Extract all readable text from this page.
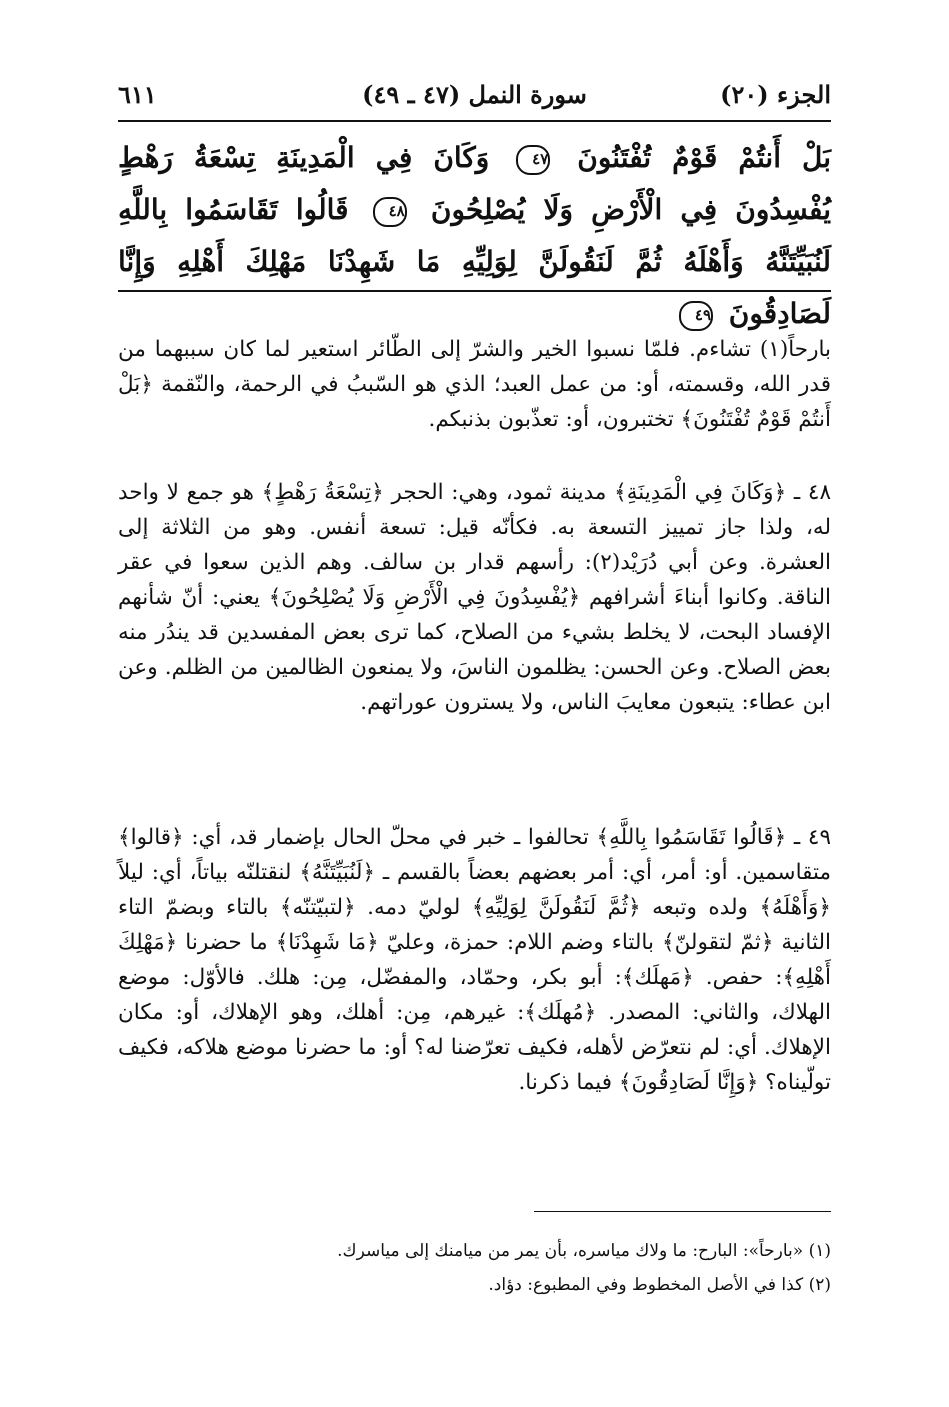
الجزء (٢٠)
سورة النمل (٤٧ ـ ٤٩)
٦١١
بَلْ أَنتُمْ قَوْمٌ تُفْتَنُونَ ٤٧ وَكَانَ فِي الْمَدِينَةِ تِسْعَةُ رَهْطٍ يُفْسِدُونَ فِي الْأَرْضِ وَلَا يُصْلِحُونَ ٤٨ قَالُوا تَقَاسَمُوا بِاللَّهِ لَنُبَيِّتَنَّهُ وَأَهْلَهُ ثُمَّ لَنَقُولَنَّ لِوَلِيِّهِ مَا شَهِدْنَا مَهْلِكَ أَهْلِهِ وَإِنَّا لَصَادِقُونَ ٤٩
بارحاً(١) تشاءم. فلمّا نسبوا الخير والشرّ إلى الطّائر استعير لما كان سببهما من قدر الله، وقسمته، أو: من عمل العبد؛ الذي هو السّببُ في الرحمة، والنّقمة ﴿بَلْ أَنتُمْ قَوْمٌ تُفْتَنُونَ﴾ تختبرون، أو: تعذّبون بذنبكم.
٤٨ ـ ﴿وَكَانَ فِي الْمَدِينَةِ﴾ مدينة ثمود، وهي: الحجر ﴿تِسْعَةُ رَهْطٍ﴾ هو جمع لا واحد له، ولذا جاز تمييز التسعة به. فكأنّه قيل: تسعة أنفس. وهو من الثلاثة إلى العشرة. وعن أبي دُرَيْد(٢): رأسهم قدار بن سالف. وهم الذين سعوا في عقر الناقة. وكانوا أبناءَ أشرافهم ﴿يُفْسِدُونَ فِي الْأَرْضِ وَلَا يُصْلِحُونَ﴾ يعني: أنّ شأنهم الإفساد البحت، لا يخلط بشيء من الصلاح، كما ترى بعض المفسدين قد يندُر منه بعض الصلاح. وعن الحسن: يظلمون الناسَ، ولا يمنعون الظالمين من الظلم. وعن ابن عطاء: يتبعون معايبَ الناس، ولا يسترون عوراتهم.
٤٩ ـ ﴿قَالُوا تَقَاسَمُوا بِاللَّهِ﴾ تحالفوا ـ خبر في محلّ الحال بإضمار قد، أي: ﴿قالوا﴾ متقاسمين. أو: أمر، أي: أمر بعضهم بعضاً بالقسم ـ ﴿لَنُبَيِّتَنَّهُ﴾ لنقتلنّه بياتاً، أي: ليلاً ﴿وَأَهْلَهُ﴾ ولده وتبعه ﴿ثُمَّ لَنَقُولَنَّ لِوَلِيِّهِ﴾ لوليّ دمه. ﴿لتبيّتنّه﴾ بالتاء وبضمّ التاء الثانية ﴿ثمّ لتقولنّ﴾ بالتاء وضم اللام: حمزة، وعليّ ﴿مَا شَهِدْنَا﴾ ما حضرنا ﴿مَهْلِكَ أَهْلِهِ﴾: حفص. ﴿مَهلَك﴾: أبو بكر، وحمّاد، والمفضّل، مِن: هلك. فالأوّل: موضع الهلاك، والثاني: المصدر. ﴿مُهلَك﴾: غيرهم، مِن: أهلك، وهو الإهلاك، أو: مكان الإهلاك. أي: لم نتعرّض لأهله، فكيف تعرّضنا له؟ أو: ما حضرنا موضع هلاكه، فكيف تولّيناه؟ ﴿وَإِنَّا لَصَادِقُونَ﴾ فيما ذكرنا.
(١) «بارحاً»: البارح: ما ولاك مياسره، بأن يمر من ميامنك إلى مياسرك.
(٢) كذا في الأصل المخطوط وفي المطبوع: دؤاد.
